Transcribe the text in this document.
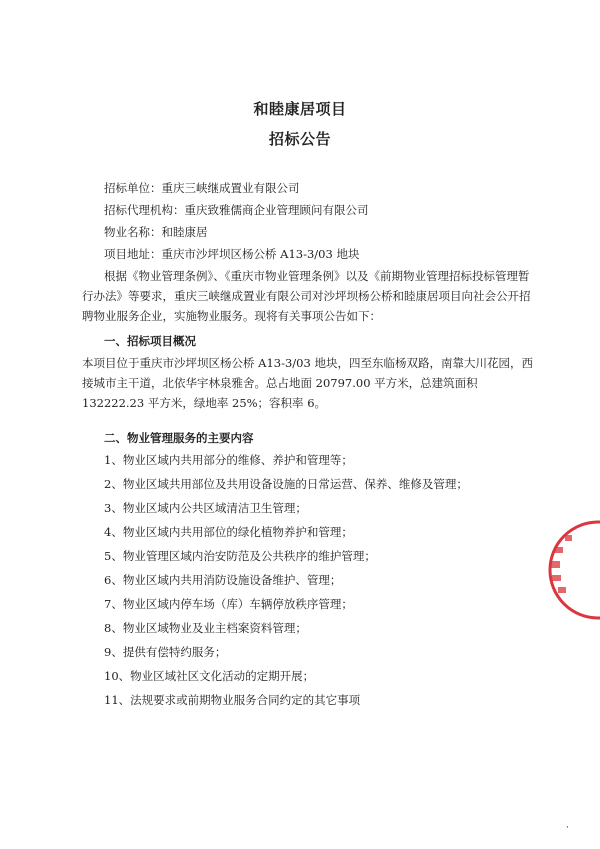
和睦康居项目
招标公告
招标单位：重庆三峡继成置业有限公司
招标代理机构：重庆致雅儒商企业管理顾问有限公司
物业名称：和睦康居
项目地址：重庆市沙坪坝区杨公桥 A13-3/03 地块
根据《物业管理条例》、《重庆市物业管理条例》以及《前期物业管理招标投标管理暂行办法》等要求，重庆三峡继成置业有限公司对沙坪坝杨公桥和睦康居项目向社会公开招聘物业服务企业，实施物业服务。现将有关事项公告如下：
一、招标项目概况
本项目位于重庆市沙坪坝区杨公桥 A13-3/03 地块，四至东临杨双路，南靠大川花园，西接城市主干道，北依华宇林泉雅舍。总占地面 20797.00 平方米，总建筑面积 132222.23 平方米，绿地率 25%；容积率 6。
二、物业管理服务的主要内容
1、物业区域内共用部分的维修、养护和管理等；
2、物业区域共用部位及共用设备设施的日常运营、保养、维修及管理；
3、物业区域内公共区域清洁卫生管理；
4、物业区域内共用部位的绿化植物养护和管理；
5、物业管理区域内治安防范及公共秩序的维护管理；
6、物业区域内共用消防设施设备维护、管理；
7、物业区域内停车场（库）车辆停放秩序管理；
8、物业区域物业及业主档案资料管理；
9、提供有偿特约服务；
10、物业区域社区文化活动的定期开展；
11、法规要求或前期物业服务合同约定的其它事项
·
